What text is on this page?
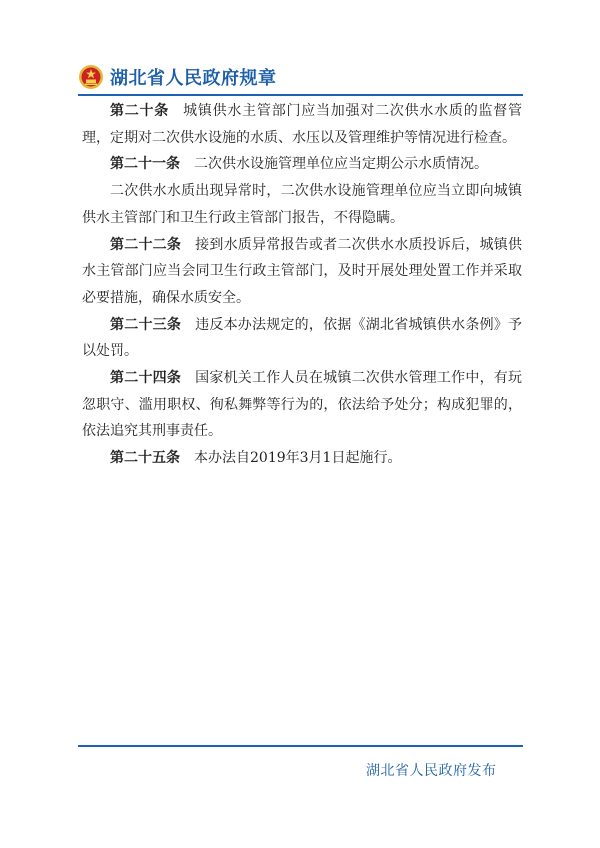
湖北省人民政府规章

第二十条 城镇供水主管部门应当加强对二次供水水质的监督管理，定期对二次供水设施的水质、水压以及管理维护等情况进行检查。

第二十一条 二次供水设施管理单位应当定期公示水质情况。

二次供水水质出现异常时，二次供水设施管理单位应当立即向城镇供水主管部门和卫生行政主管部门报告，不得隐瞒。

第二十二条 接到水质异常报告或者二次供水水质投诉后，城镇供水主管部门应当会同卫生行政主管部门，及时开展处理处置工作并采取必要措施，确保水质安全。

第二十三条 违反本办法规定的，依据《湖北省城镇供水条例》予以处罚。

第二十四条 国家机关工作人员在城镇二次供水管理工作中，有玩忽职守、滥用职权、徇私舞弊等行为的，依法给予处分；构成犯罪的，依法追究其刑事责任。

第二十五条 本办法自2019年3月1日起施行。

湖北省人民政府发布
